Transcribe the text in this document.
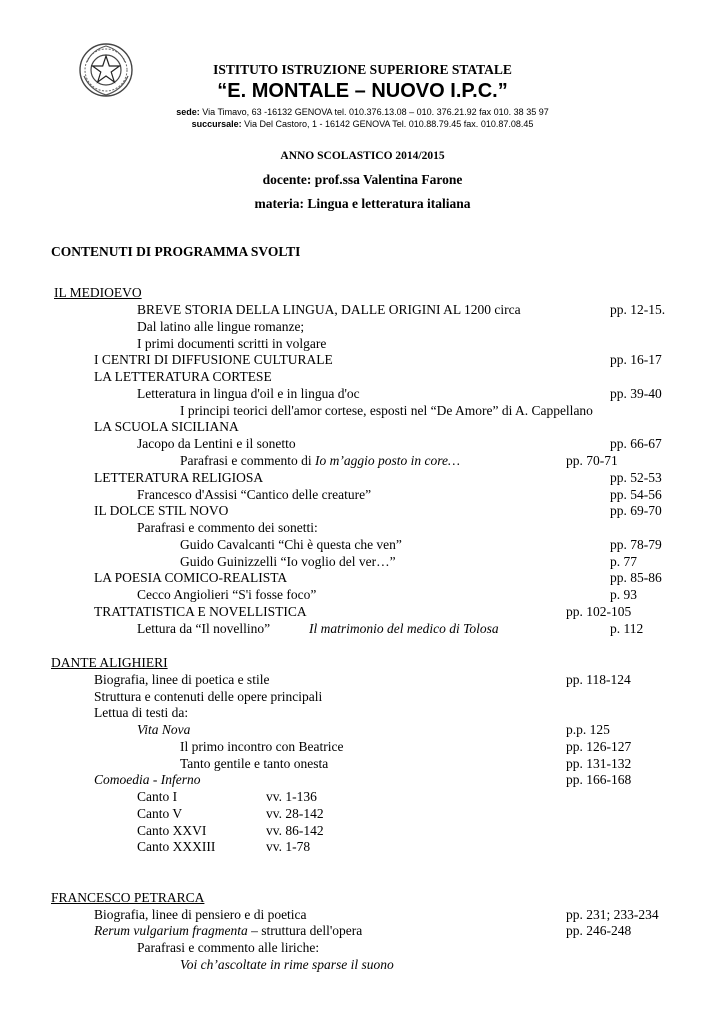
ISTITUTO ISTRUZIONE SUPERIORE STATALE
“E. MONTALE – NUOVO I.P.C.”
sede: Via Timavo, 63 -16132 GENOVA tel. 010.376.13.08 – 010. 376.21.92 fax 010. 38 35 97
succursale: Via Del Castoro, 1 - 16142 GENOVA Tel. 010.88.79.45 fax. 010.87.08.45
ANNO SCOLASTICO 2014/2015
docente: prof.ssa Valentina Farone
materia: Lingua e letteratura italiana
CONTENUTI DI PROGRAMMA SVOLTI
IL MEDIOEVO
BREVE STORIA DELLA LINGUA, DALLE ORIGINI AL 1200 circa	pp. 12-15.
Dal latino alle lingue romanze;
I primi documenti scritti in volgare
I CENTRI DI DIFFUSIONE CULTURALE	pp. 16-17
LA LETTERATURA CORTESE
Letteratura in lingua d'oil e in lingua d'oc	pp. 39-40
I principi teorici dell'amor cortese, esposti nel “De Amore” di A. Cappellano
LA SCUOLA SICILIANA
Jacopo da Lentini e il sonetto	pp. 66-67
Parafrasi e commento di Io m’aggio posto in core…	pp. 70-71
LETTERATURA RELIGIOSA	pp. 52-53
Francesco d'Assisi “Cantico delle creature”	pp. 54-56
IL DOLCE STIL NOVO	pp. 69-70
Parafrasi e commento dei sonetti:
Guido Cavalcanti “Chi è questa che ven”	pp. 78-79
Guido Guinizzelli “Io voglio del ver…”	p. 77
LA POESIA COMICO-REALISTA	pp. 85-86
Cecco Angiolieri “S'i fosse foco”	p. 93
TRATTATISTICA E NOVELLISTICA	pp. 102-105
Lettura da “Il novellino”	Il matrimonio del medico di Tolosa	p. 112
DANTE ALIGHIERI
Biografia, linee di poetica e stile	pp. 118-124
Struttura e contenuti delle opere principali
Lettua di testi da:
Vita Nova	p.p. 125
Il primo incontro con Beatrice	pp. 126-127
Tanto gentile e tanto onesta	pp. 131-132
Comoedia - Inferno	pp. 166-168
Canto I	vv. 1-136
Canto V	vv. 28-142
Canto XXVI	vv. 86-142
Canto XXXIII	vv. 1-78
FRANCESCO PETRARCA
Biografia, linee di pensiero e di poetica	pp. 231; 233-234
Rerum vulgarium fragmenta – struttura dell'opera	pp. 246-248
Parafrasi e commento alle liriche:
Voi ch’ascoltate in rime sparse il suono
